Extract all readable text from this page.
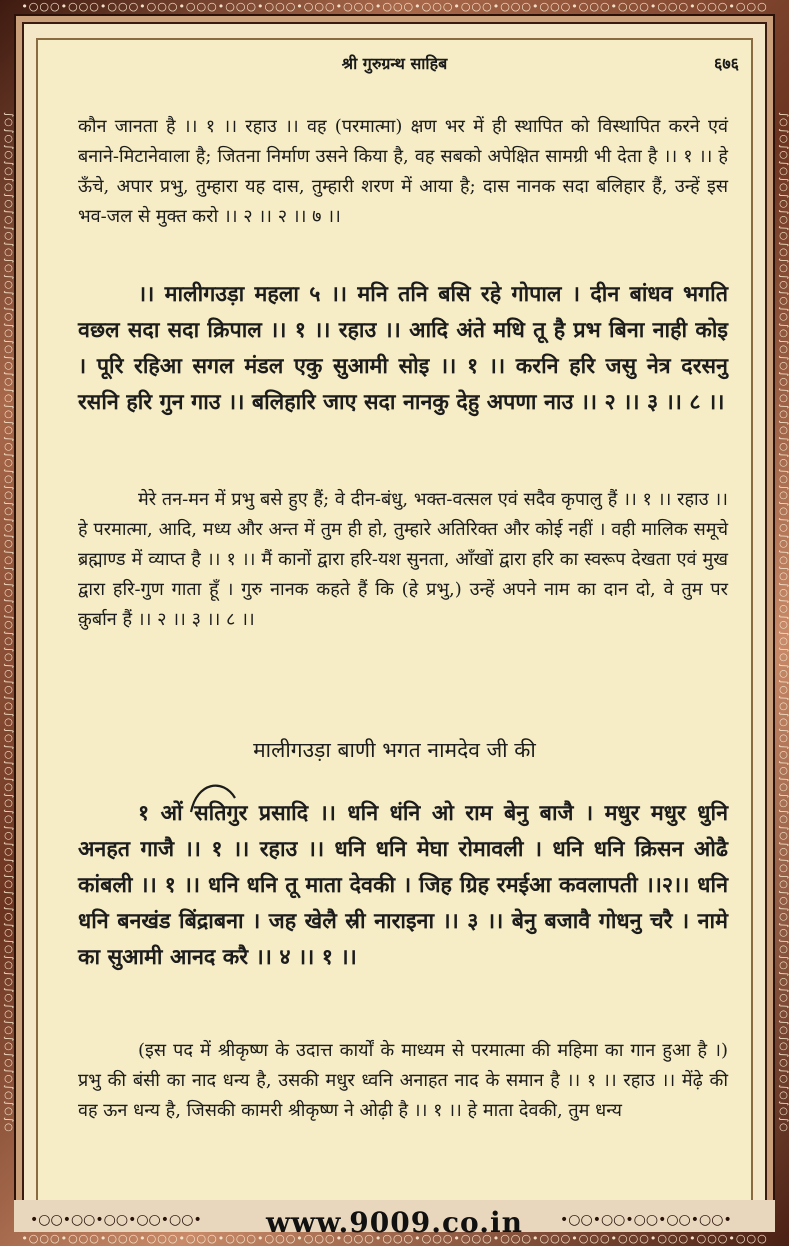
•○○○•○○○•○○○•○○○•○○○•○○○•○○○•○○○•○○○•○○○•○○○•○○○•○○○•○○○•○○○•○○○•○○○•○○○•○○○
∫○∫○∫○∫○∫○∫○∫○∫○∫○∫○∫○∫○∫○∫○∫○∫○∫○∫○∫○∫○∫○∫○∫○∫○∫○∫○∫○∫○∫○∫○∫○∫○∫○∫○∫○∫○∫○∫○∫○∫○∫○∫○∫○∫○∫○∫○∫○∫○∫○∫○∫○∫○∫○∫○∫○∫○∫○∫○∫○∫○∫○∫○∫○	∫○∫○∫○∫○∫○∫○∫○∫○∫○∫○∫○∫○∫○∫○∫○∫○∫○∫○∫○∫○∫○∫○∫○∫○∫○∫○∫○∫○∫○∫○∫○∫○∫○∫○∫○∫○∫○∫○∫○∫○∫○∫○∫○∫○∫○∫○∫○∫○∫○∫○∫○∫○∫○∫○∫○∫○∫○∫○∫○∫○∫○∫○∫○
श्री गुरुग्रन्थ साहिब	६७६
कौन जानता है ।। १ ।। रहाउ ।। वह (परमात्मा) क्षण भर में ही स्थापित को विस्थापित करने एवं बनाने-मिटानेवाला है; जितना निर्माण उसने किया है, वह सबको अपेक्षित सामग्री भी देता है ।। १ ।। हे ऊँचे, अपार प्रभु, तुम्हारा यह दास, तुम्हारी शरण में आया है; दास नानक सदा बलिहार हैं, उन्हें इस भव-जल से मुक्त करो ।। २ ।। २ ।। ७ ।।
।। मालीगउड़ा महला ५ ।। मनि तनि बसि रहे गोपाल । दीन बांधव भगति वछल सदा सदा क्रिपाल ।। १ ।। रहाउ ।। आदि अंते मधि तू है प्रभ बिना नाही कोइ । पूरि रहिआ सगल मंडल एकु सुआमी सोइ ।। १ ।। करनि हरि जसु नेत्र दरसनु रसनि हरि गुन गाउ ।। बलिहारि जाए सदा नानकु देहु अपणा नाउ ।। २ ।। ३ ।। ८ ।।
मेरे तन-मन में प्रभु बसे हुए हैं; वे दीन-बंधु, भक्त-वत्सल एवं सदैव कृपालु हैं ।। १ ।। रहाउ ।। हे परमात्मा, आदि, मध्य और अन्त में तुम ही हो, तुम्हारे अतिरिक्त और कोई नहीं । वही मालिक समूचे ब्रह्माण्ड में व्याप्त है ।। १ ।। मैं कानों द्वारा हरि-यश सुनता, आँखों द्वारा हरि का स्वरूप देखता एवं मुख द्वारा हरि-गुण गाता हूँ । गुरु नानक कहते हैं कि (हे प्रभु,) उन्हें अपने नाम का दान दो, वे तुम पर क़ुर्बान हैं ।। २ ।। ३ ।। ८ ।।
मालीगउड़ा बाणी भगत नामदेव जी की
१ ओं सतिगुर प्रसादि ।। धनि धंनि ओ राम बेनु बाजै । मधुर मधुर धुनि अनहत गाजै ।। १ ।। रहाउ ।। धनि धनि मेघा रोमावली । धनि धनि क्रिसन ओढै कांबली ।। १ ।। धनि धनि तू माता देवकी । जिह ग्रिह रमईआ कवलापती ।।२।। धनि धनि बनखंड बिंद्राबना । जह खेलै स्री नाराइना ।। ३ ।। बेनु बजावै गोधनु चरै । नामे का सुआमी आनद करै ।। ४ ।। १ ।।
(इस पद में श्रीकृष्ण के उदात्त कार्यों के माध्यम से परमात्मा की महिमा का गान हुआ है ।) प्रभु की बंसी का नाद धन्य है, उसकी मधुर ध्वनि अनाहत नाद के समान है ।। १ ।। रहाउ ।। मेंढ़े की वह ऊन धन्य है, जिसकी कामरी श्रीकृष्ण ने ओढ़ी है ।। १ ।। हे माता देवकी, तुम धन्य
•○○•○○•○○•○○•○○•	•○○•○○•○○•○○•○○•
www.9009.co.in
•○○○•○○○•○○○•○○○•○○○•○○○•○○○•○○○•○○○•○○○•○○○•○○○•○○○•○○○•○○○•○○○•○○○•○○○•○○○
